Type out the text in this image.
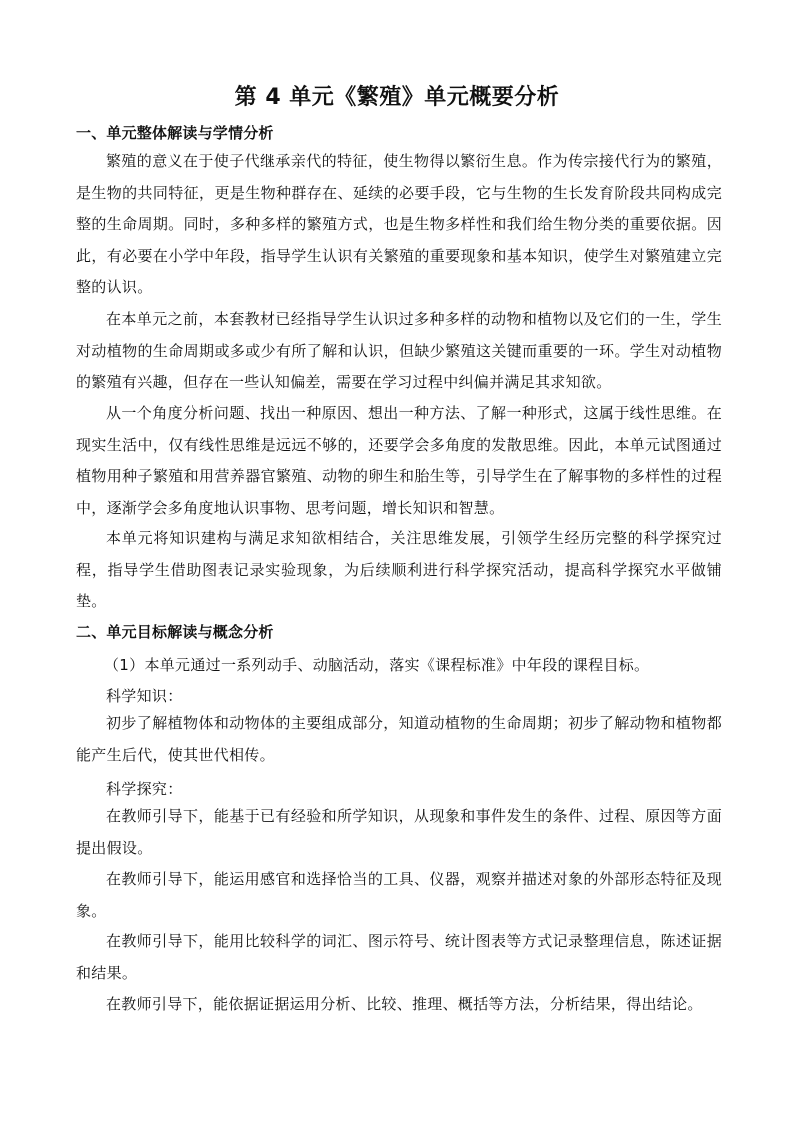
第 4 单元《繁殖》单元概要分析
一、单元整体解读与学情分析
繁殖的意义在于使子代继承亲代的特征，使生物得以繁衍生息。作为传宗接代行为的繁殖，是生物的共同特征，更是生物种群存在、延续的必要手段，它与生物的生长发育阶段共同构成完整的生命周期。同时，多种多样的繁殖方式，也是生物多样性和我们给生物分类的重要依据。因此，有必要在小学中年段，指导学生认识有关繁殖的重要现象和基本知识，使学生对繁殖建立完整的认识。
在本单元之前，本套教材已经指导学生认识过多种多样的动物和植物以及它们的一生，学生对动植物的生命周期或多或少有所了解和认识，但缺少繁殖这关键而重要的一环。学生对动植物的繁殖有兴趣，但存在一些认知偏差，需要在学习过程中纠偏并满足其求知欲。
从一个角度分析问题、找出一种原因、想出一种方法、了解一种形式，这属于线性思维。在现实生活中，仅有线性思维是远远不够的，还要学会多角度的发散思维。因此，本单元试图通过植物用种子繁殖和用营养器官繁殖、动物的卵生和胎生等，引导学生在了解事物的多样性的过程中，逐渐学会多角度地认识事物、思考问题，增长知识和智慧。
本单元将知识建构与满足求知欲相结合，关注思维发展，引领学生经历完整的科学探究过程，指导学生借助图表记录实验现象，为后续顺利进行科学探究活动，提高科学探究水平做铺垫。
二、单元目标解读与概念分析
（1）本单元通过一系列动手、动脑活动，落实《课程标准》中年段的课程目标。
科学知识：
初步了解植物体和动物体的主要组成部分，知道动植物的生命周期；初步了解动物和植物都能产生后代，使其世代相传。
科学探究：
在教师引导下，能基于已有经验和所学知识，从现象和事件发生的条件、过程、原因等方面提出假设。
在教师引导下，能运用感官和选择恰当的工具、仪器，观察并描述对象的外部形态特征及现象。
在教师引导下，能用比较科学的词汇、图示符号、统计图表等方式记录整理信息，陈述证据和结果。
在教师引导下，能依据证据运用分析、比较、推理、概括等方法，分析结果，得出结论。
